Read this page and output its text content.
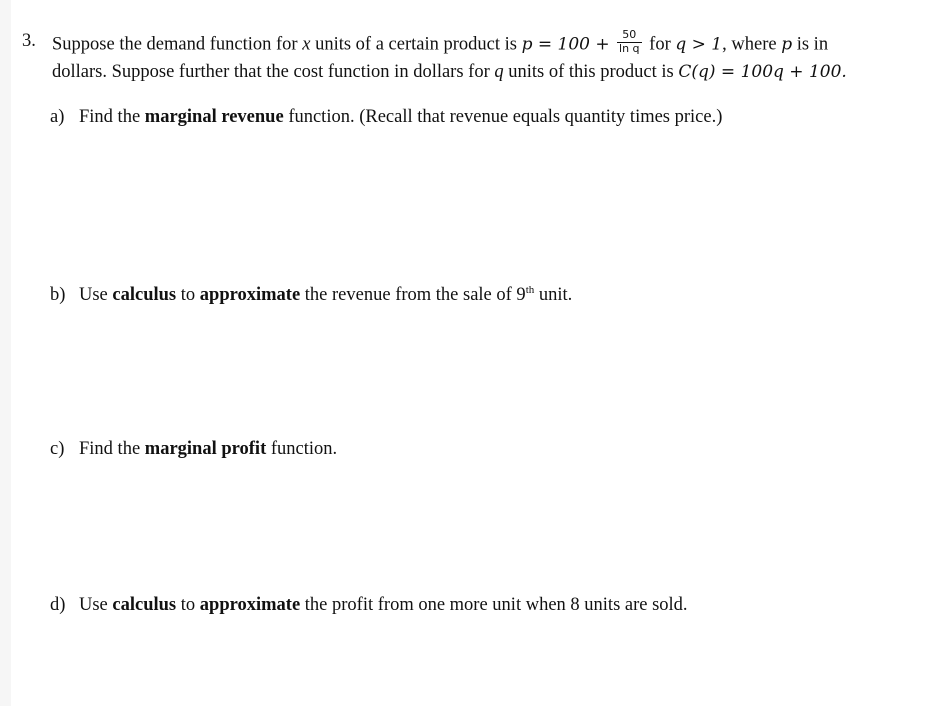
3. Suppose the demand function for x units of a certain product is $p = 100 + \frac{50}{\text{ln q}}$ for q > 1, where p is in
dollars. Suppose further that the cost function in dollars for q units of this product is C(q) = 100q + 100.
a) Find the marginal revenue function. (Recall that revenue equals quantity times price.)
b) Use calculus to approximate the revenue from the sale of 9th unit.
c) Find the marginal profit function.
d) Use calculus to approximate the profit from one more unit when 8 units are sold.
